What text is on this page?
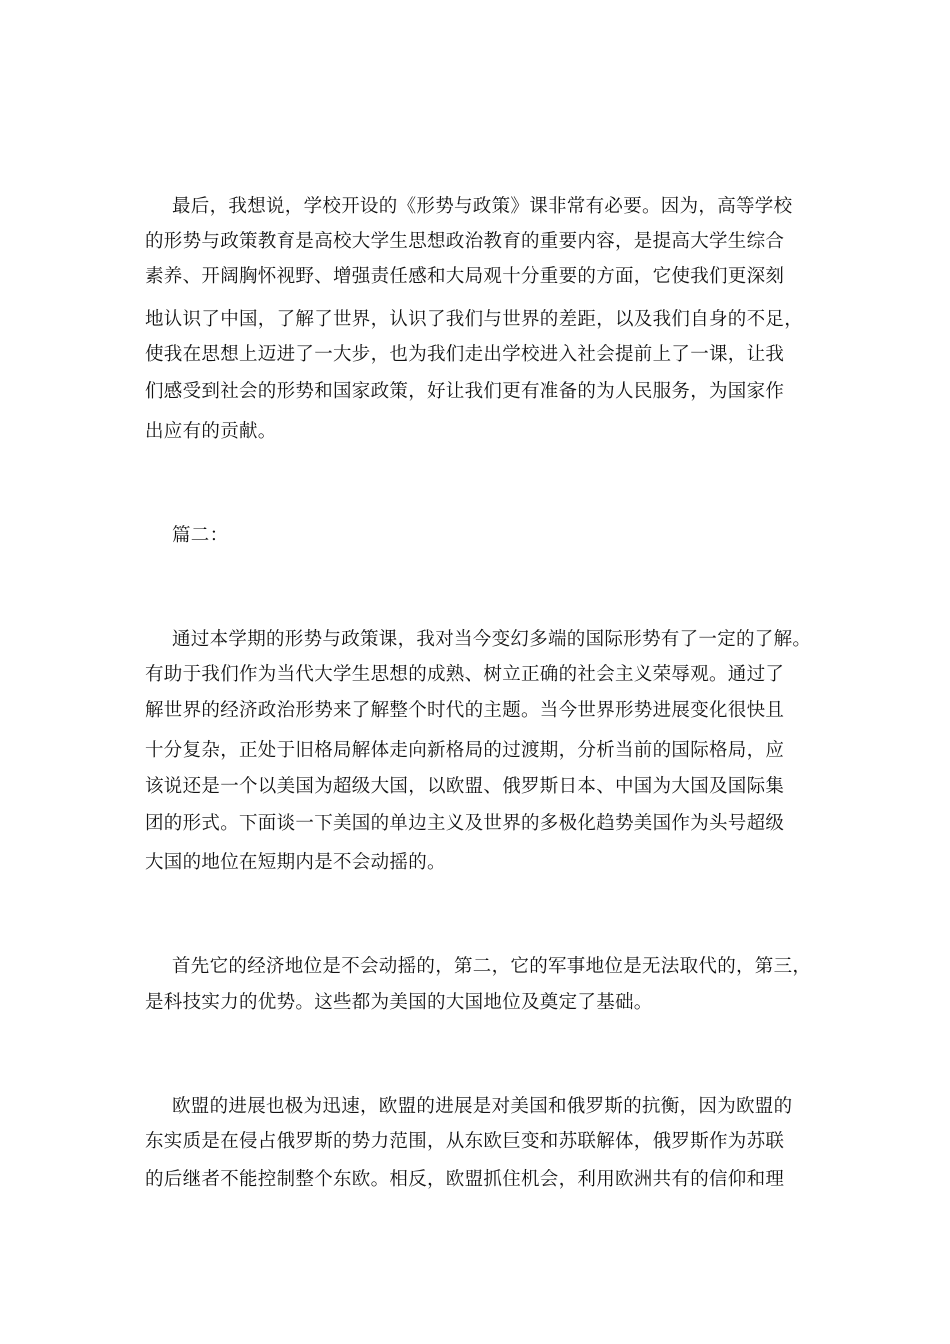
最后，我想说，学校开设的《形势与政策》课非常有必要。因为，高等学校
的形势与政策教育是高校大学生思想政治教育的重要内容，是提高大学生综合
素养、开阔胸怀视野、增强责任感和大局观十分重要的方面，它使我们更深刻
地认识了中国，了解了世界，认识了我们与世界的差距，以及我们自身的不足，
使我在思想上迈进了一大步，也为我们走出学校进入社会提前上了一课，让我
们感受到社会的形势和国家政策，好让我们更有准备的为人民服务，为国家作
出应有的贡献。
篇二：
通过本学期的形势与政策课，我对当今变幻多端的国际形势有了一定的了解。
有助于我们作为当代大学生思想的成熟、树立正确的社会主义荣辱观。通过了
解世界的经济政治形势来了解整个时代的主题。当今世界形势进展变化很快且
十分复杂，正处于旧格局解体走向新格局的过渡期，分析当前的国际格局，应
该说还是一个以美国为超级大国，以欧盟、俄罗斯日本、中国为大国及国际集
团的形式。下面谈一下美国的单边主义及世界的多极化趋势美国作为头号超级
大国的地位在短期内是不会动摇的。
首先它的经济地位是不会动摇的，第二，它的军事地位是无法取代的，第三，
是科技实力的优势。这些都为美国的大国地位及奠定了基础。
欧盟的进展也极为迅速，欧盟的进展是对美国和俄罗斯的抗衡，因为欧盟的
东实质是在侵占俄罗斯的势力范围，从东欧巨变和苏联解体，俄罗斯作为苏联
的后继者不能控制整个东欧。相反，欧盟抓住机会，利用欧洲共有的信仰和理
